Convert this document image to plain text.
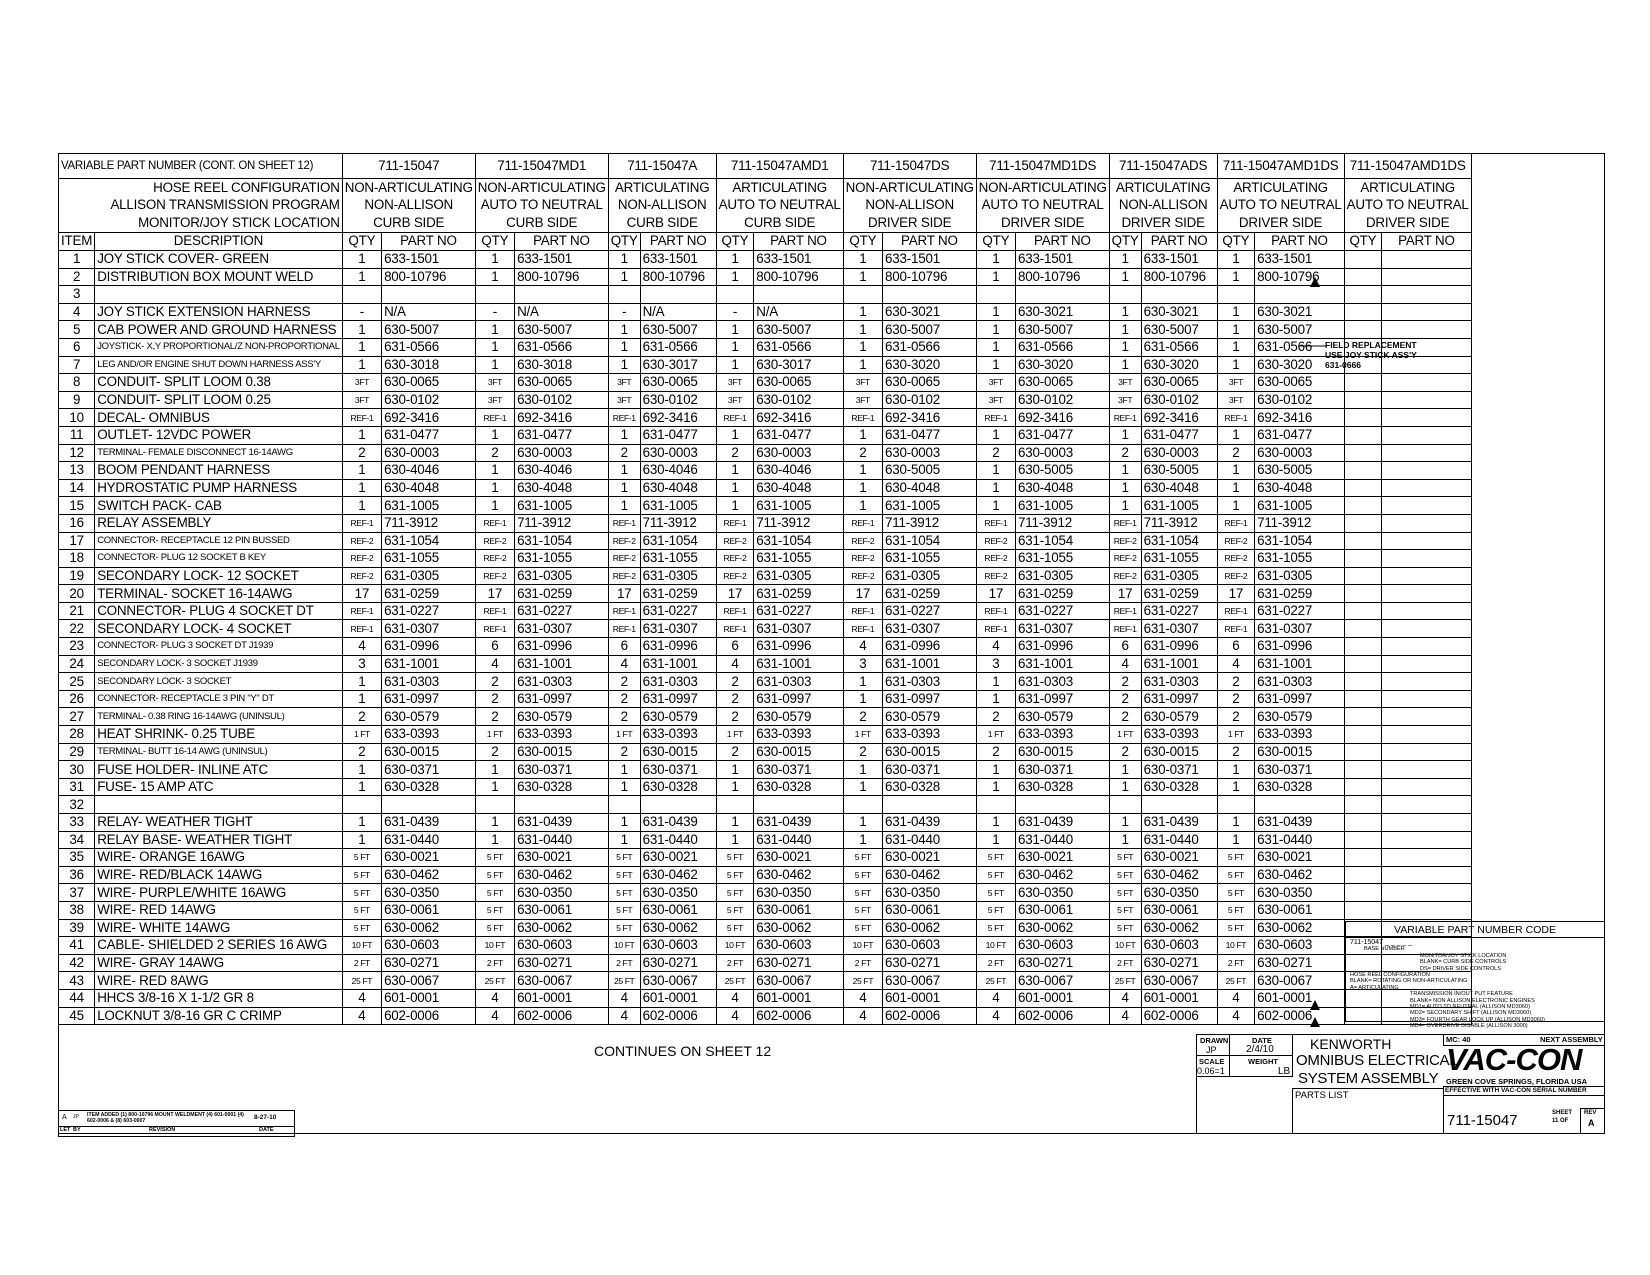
VARIABLE PART NUMBER (CONT. ON SHEET 12)		711-15047		711-15047MD1		711-15047A		711-15047AMD1		711-15047DS		711-15047MD1DS		711-15047ADS		711-15047AMD1DS		711-15047AMD1DS	
HOSE REEL CONFIGURATION		NON-ARTICULATING		NON-ARTICULATING		ARTICULATING		ARTICULATING		NON-ARTICULATING		NON-ARTICULATING		ARTICULATING		ARTICULATING		ARTICULATING	
ALLISON TRANSMISSION PROGRAM		NON-ALLISON		AUTO TO NEUTRAL		NON-ALLISON		AUTO TO NEUTRAL		NON-ALLISON		AUTO TO NEUTRAL		NON-ALLISON		AUTO TO NEUTRAL		AUTO TO NEUTRAL	
MONITOR/JOY STICK LOCATION		CURB SIDE		CURB SIDE		CURB SIDE		CURB SIDE		DRIVER SIDE		DRIVER SIDE		DRIVER SIDE		DRIVER SIDE		DRIVER SIDE	
ITEM	DESCRIPTION	QTY	PART NO	QTY	PART NO	QTY	PART NO	QTY	PART NO	QTY	PART NO	QTY	PART NO	QTY	PART NO	QTY	PART NO	QTY	PART NO
1	JOY STICK COVER- GREEN	1	633-1501	1	633-1501	1	633-1501	1	633-1501	1	633-1501	1	633-1501	1	633-1501	1	633-1501		
2	DISTRIBUTION BOX MOUNT WELD	1	800-10796	1	800-10796	1	800-10796	1	800-10796	1	800-10796	1	800-10796	1	800-10796	1	800-10796		
3																			
4	JOY STICK EXTENSION HARNESS	-	N/A	-	N/A	-	N/A	-	N/A	1	630-3021	1	630-3021	1	630-3021	1	630-3021		
5	CAB POWER AND GROUND HARNESS	1	630-5007	1	630-5007	1	630-5007	1	630-5007	1	630-5007	1	630-5007	1	630-5007	1	630-5007		
6	JOYSTICK- X,Y PROPORTIONAL/Z NON-PROPORTIONAL	1	631-0566	1	631-0566	1	631-0566	1	631-0566	1	631-0566	1	631-0566	1	631-0566	1	631-0566		
7	LEG AND/OR ENGINE SHUT DOWN HARNESS ASS'Y	1	630-3018	1	630-3018	1	630-3017	1	630-3017	1	630-3020	1	630-3020	1	630-3020	1	630-3020		
8	CONDUIT- SPLIT LOOM 0.38	3FT	630-0065	3FT	630-0065	3FT	630-0065	3FT	630-0065	3FT	630-0065	3FT	630-0065	3FT	630-0065	3FT	630-0065		
9	CONDUIT- SPLIT LOOM 0.25	3FT	630-0102	3FT	630-0102	3FT	630-0102	3FT	630-0102	3FT	630-0102	3FT	630-0102	3FT	630-0102	3FT	630-0102		
10	DECAL- OMNIBUS	REF-1	692-3416	REF-1	692-3416	REF-1	692-3416	REF-1	692-3416	REF-1	692-3416	REF-1	692-3416	REF-1	692-3416	REF-1	692-3416		
11	OUTLET- 12VDC POWER	1	631-0477	1	631-0477	1	631-0477	1	631-0477	1	631-0477	1	631-0477	1	631-0477	1	631-0477		
12	TERMINAL- FEMALE DISCONNECT 16-14AWG	2	630-0003	2	630-0003	2	630-0003	2	630-0003	2	630-0003	2	630-0003	2	630-0003	2	630-0003		
13	BOOM PENDANT HARNESS	1	630-4046	1	630-4046	1	630-4046	1	630-4046	1	630-5005	1	630-5005	1	630-5005	1	630-5005		
14	HYDROSTATIC PUMP HARNESS	1	630-4048	1	630-4048	1	630-4048	1	630-4048	1	630-4048	1	630-4048	1	630-4048	1	630-4048		
15	SWITCH PACK- CAB	1	631-1005	1	631-1005	1	631-1005	1	631-1005	1	631-1005	1	631-1005	1	631-1005	1	631-1005		
16	RELAY ASSEMBLY	REF-1	711-3912	REF-1	711-3912	REF-1	711-3912	REF-1	711-3912	REF-1	711-3912	REF-1	711-3912	REF-1	711-3912	REF-1	711-3912		
17	CONNECTOR- RECEPTACLE 12 PIN BUSSED	REF-2	631-1054	REF-2	631-1054	REF-2	631-1054	REF-2	631-1054	REF-2	631-1054	REF-2	631-1054	REF-2	631-1054	REF-2	631-1054		
18	CONNECTOR- PLUG 12 SOCKET B KEY	REF-2	631-1055	REF-2	631-1055	REF-2	631-1055	REF-2	631-1055	REF-2	631-1055	REF-2	631-1055	REF-2	631-1055	REF-2	631-1055		
19	SECONDARY LOCK- 12 SOCKET	REF-2	631-0305	REF-2	631-0305	REF-2	631-0305	REF-2	631-0305	REF-2	631-0305	REF-2	631-0305	REF-2	631-0305	REF-2	631-0305		
20	TERMINAL- SOCKET 16-14AWG	17	631-0259	17	631-0259	17	631-0259	17	631-0259	17	631-0259	17	631-0259	17	631-0259	17	631-0259		
21	CONNECTOR- PLUG 4 SOCKET DT	REF-1	631-0227	REF-1	631-0227	REF-1	631-0227	REF-1	631-0227	REF-1	631-0227	REF-1	631-0227	REF-1	631-0227	REF-1	631-0227		
22	SECONDARY LOCK- 4 SOCKET	REF-1	631-0307	REF-1	631-0307	REF-1	631-0307	REF-1	631-0307	REF-1	631-0307	REF-1	631-0307	REF-1	631-0307	REF-1	631-0307		
23	CONNECTOR- PLUG 3 SOCKET DT J1939	4	631-0996	6	631-0996	6	631-0996	6	631-0996	4	631-0996	4	631-0996	6	631-0996	6	631-0996		
24	SECONDARY LOCK- 3 SOCKET J1939	3	631-1001	4	631-1001	4	631-1001	4	631-1001	3	631-1001	3	631-1001	4	631-1001	4	631-1001		
25	SECONDARY LOCK- 3 SOCKET	1	631-0303	2	631-0303	2	631-0303	2	631-0303	1	631-0303	1	631-0303	2	631-0303	2	631-0303		
26	CONNECTOR- RECEPTACLE 3 PIN "Y" DT	1	631-0997	2	631-0997	2	631-0997	2	631-0997	1	631-0997	1	631-0997	2	631-0997	2	631-0997		
27	TERMINAL- 0.38 RING 16-14AWG (UNINSUL)	2	630-0579	2	630-0579	2	630-0579	2	630-0579	2	630-0579	2	630-0579	2	630-0579	2	630-0579		
28	HEAT SHRINK- 0.25 TUBE	1 FT	633-0393	1 FT	633-0393	1 FT	633-0393	1 FT	633-0393	1 FT	633-0393	1 FT	633-0393	1 FT	633-0393	1 FT	633-0393		
29	TERMINAL- BUTT 16-14 AWG (UNINSUL)	2	630-0015	2	630-0015	2	630-0015	2	630-0015	2	630-0015	2	630-0015	2	630-0015	2	630-0015		
30	FUSE HOLDER- INLINE ATC	1	630-0371	1	630-0371	1	630-0371	1	630-0371	1	630-0371	1	630-0371	1	630-0371	1	630-0371		
31	FUSE- 15 AMP ATC	1	630-0328	1	630-0328	1	630-0328	1	630-0328	1	630-0328	1	630-0328	1	630-0328	1	630-0328		
32																			
33	RELAY- WEATHER TIGHT	1	631-0439	1	631-0439	1	631-0439	1	631-0439	1	631-0439	1	631-0439	1	631-0439	1	631-0439		
34	RELAY BASE- WEATHER TIGHT	1	631-0440	1	631-0440	1	631-0440	1	631-0440	1	631-0440	1	631-0440	1	631-0440	1	631-0440		
35	WIRE- ORANGE 16AWG	5 FT	630-0021	5 FT	630-0021	5 FT	630-0021	5 FT	630-0021	5 FT	630-0021	5 FT	630-0021	5 FT	630-0021	5 FT	630-0021		
36	WIRE- RED/BLACK 14AWG	5 FT	630-0462	5 FT	630-0462	5 FT	630-0462	5 FT	630-0462	5 FT	630-0462	5 FT	630-0462	5 FT	630-0462	5 FT	630-0462		
37	WIRE- PURPLE/WHITE 16AWG	5 FT	630-0350	5 FT	630-0350	5 FT	630-0350	5 FT	630-0350	5 FT	630-0350	5 FT	630-0350	5 FT	630-0350	5 FT	630-0350		
38	WIRE- RED 14AWG	5 FT	630-0061	5 FT	630-0061	5 FT	630-0061	5 FT	630-0061	5 FT	630-0061	5 FT	630-0061	5 FT	630-0061	5 FT	630-0061		
39	WIRE- WHITE 14AWG	5 FT	630-0062	5 FT	630-0062	5 FT	630-0062	5 FT	630-0062	5 FT	630-0062	5 FT	630-0062	5 FT	630-0062	5 FT	630-0062		
41	CABLE- SHIELDED 2 SERIES 16 AWG	10 FT	630-0603	10 FT	630-0603	10 FT	630-0603	10 FT	630-0603	10 FT	630-0603	10 FT	630-0603	10 FT	630-0603	10 FT	630-0603		
42	WIRE- GRAY 14AWG	2 FT	630-0271	2 FT	630-0271	2 FT	630-0271	2 FT	630-0271	2 FT	630-0271	2 FT	630-0271	2 FT	630-0271	2 FT	630-0271		
43	WIRE- RED 8AWG	25 FT	630-0067	25 FT	630-0067	25 FT	630-0067	25 FT	630-0067	25 FT	630-0067	25 FT	630-0067	25 FT	630-0067	25 FT	630-0067		
44	HHCS 3/8-16 X 1-1/2 GR 8	4	601-0001	4	601-0001	4	601-0001	4	601-0001	4	601-0001	4	601-0001	4	601-0001	4	601-0001		
45	LOCKNUT 3/8-16 GR C CRIMP	4	602-0006	4	602-0006	4	602-0006	4	602-0006	4	602-0006	4	602-0006	4	602-0006	4	602-0006		
FIELD REPLACEMENT
USE JOY STICK ASS'Y
631-0666
CONTINUES ON SHEET 12
VARIABLE PART NUMBER CODE
711-15047 _ _ _ _ _
BASE NUMBER
MONITOR/JOY STICK LOCATION
BLANK= CURB SIDE CONTROLS
DS= DRIVER SIDE CONTROLS
HOSE REEL CONFIGURATION
BLANK= ROTATING OR NON-ARTICULATING
A= ARTICULATING
TRANSMISSION IN/OUT PUT FEATURE
BLANK= NON ALLISON ELECTRONIC ENGINES
MD1= AUTO TO NEUTRAL (ALLISON MD3060)
MD2= SECONDARY SHIFT (ALLISON MD3060)
MD3= FOURTH GEAR LOCK UP (ALLISON MD3060)
MD4= OVERDRIVE DISABLE (ALLISON 3000)
DRAWN
JP
DATE
2/4/10
SCALE
0.06=1
WEIGHT
LB
KENWORTH
OMNIBUS ELECTRICAL
SYSTEM ASSEMBLY
PARTS LIST
MC: 40	NEXT ASSEMBLY
VAC-CON
GREEN COVE SPRINGS, FLORIDA USA
EFFECTIVE WITH VAC-CON SERIAL NUMBER
711-15047	SHEET
11 OF
REV
A
A JP ITEM ADDED (1) 800-10796 MOUNT WELDMENT (4) 601-0001 (4) 602-0006 & (8) 603-0007	8-27-10
LET BY	REVISION	DATE
